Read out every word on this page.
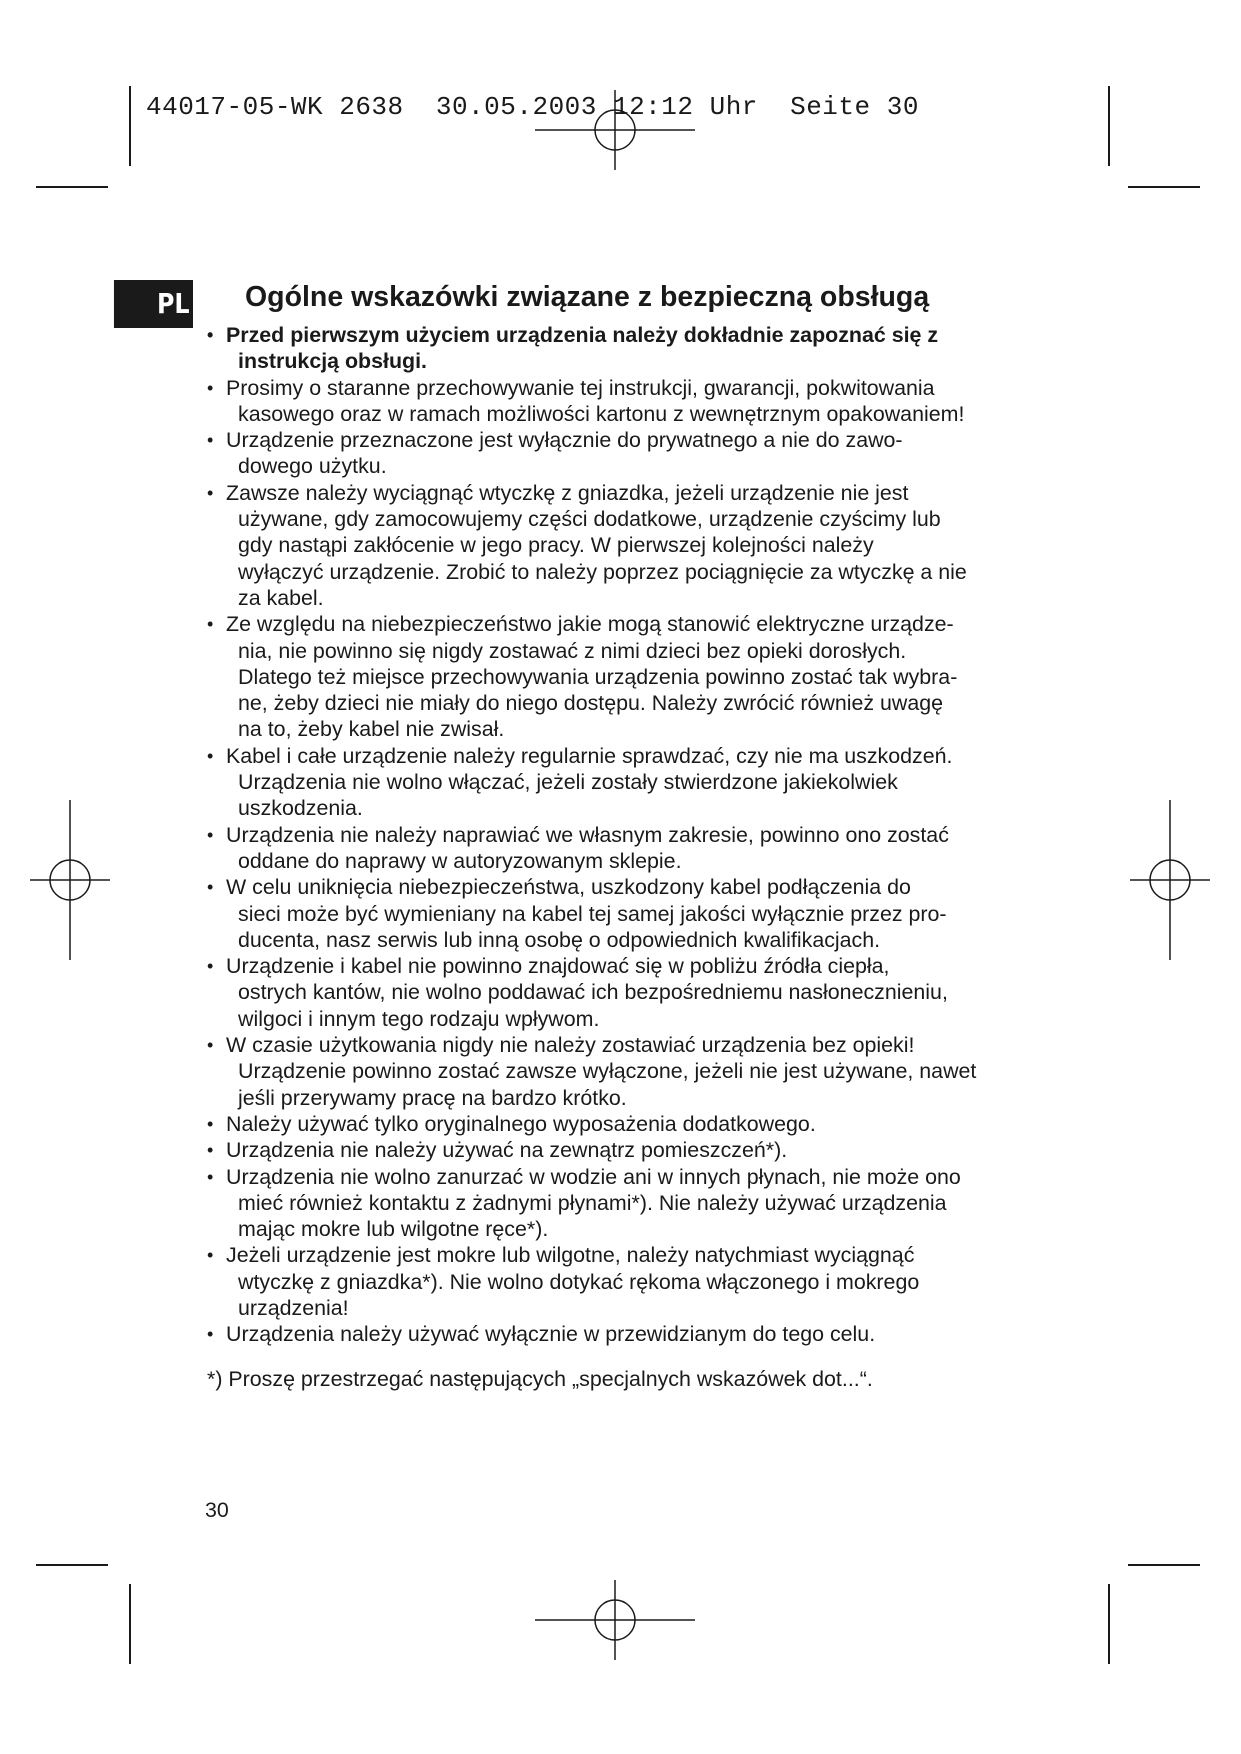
44017-05-WK 2638  30.05.2003 12:12 Uhr  Seite 30

PL Ogólne wskazówki związane z bezpieczną obsługą
• Przed pierwszym użyciem urządzenia należy dokładnie zapoznać się z
instrukcją obsługi.
• Prosimy o staranne przechowywanie tej instrukcji, gwarancji, pokwitowania
kasowego oraz w ramach możliwości kartonu z wewnętrznym opakowaniem!
• Urządzenie przeznaczone jest wyłącznie do prywatnego a nie do zawo-
dowego użytku.
• Zawsze należy wyciągnąć wtyczkę z gniazdka, jeżeli urządzenie nie jest
używane, gdy zamocowujemy części dodatkowe, urządzenie czyścimy lub
gdy nastąpi zakłócenie w jego pracy. W pierwszej kolejności należy
wyłączyć urządzenie. Zrobić to należy poprzez pociągnięcie za wtyczkę a nie
za kabel.
• Ze względu na niebezpieczeństwo jakie mogą stanowić elektryczne urządze-
nia, nie powinno się nigdy zostawać z nimi dzieci bez opieki dorosłych.
Dlatego też miejsce przechowywania urządzenia powinno zostać tak wybra-
ne, żeby dzieci nie miały do niego dostępu. Należy zwrócić również uwagę
na to, żeby kabel nie zwisał.
• Kabel i całe urządzenie należy regularnie sprawdzać, czy nie ma uszkodzeń.
Urządzenia nie wolno włączać, jeżeli zostały stwierdzone jakiekolwiek
uszkodzenia.
• Urządzenia nie należy naprawiać we własnym zakresie, powinno ono zostać
oddane do naprawy w autoryzowanym sklepie.
• W celu uniknięcia niebezpieczeństwa, uszkodzony kabel podłączenia do
sieci może być wymieniany na kabel tej samej jakości wyłącznie przez pro-
ducenta, nasz serwis lub inną osobę o odpowiednich kwalifikacjach.
• Urządzenie i kabel nie powinno znajdować się w pobliżu źródła ciepła,
ostrych kantów, nie wolno poddawać ich bezpośredniemu nasłonecznieniu,
wilgoci i innym tego rodzaju wpływom.
• W czasie użytkowania nigdy nie należy zostawiać urządzenia bez opieki!
Urządzenie powinno zostać zawsze wyłączone, jeżeli nie jest używane, nawet
jeśli przerywamy pracę na bardzo krótko.
• Należy używać tylko oryginalnego wyposażenia dodatkowego.
• Urządzenia nie należy używać na zewnątrz pomieszczeń*).
• Urządzenia nie wolno zanurzać w wodzie ani w innych płynach, nie może ono
mieć również kontaktu z żadnymi płynami*). Nie należy używać urządzenia
mając mokre lub wilgotne ręce*).
• Jeżeli urządzenie jest mokre lub wilgotne, należy natychmiast wyciągnąć
wtyczkę z gniazdka*). Nie wolno dotykać rękoma włączonego i mokrego
urządzenia!
• Urządzenia należy używać wyłącznie w przewidzianym do tego celu.

*) Proszę przestrzegać następujących „specjalnych wskazówek dot...“.

30
